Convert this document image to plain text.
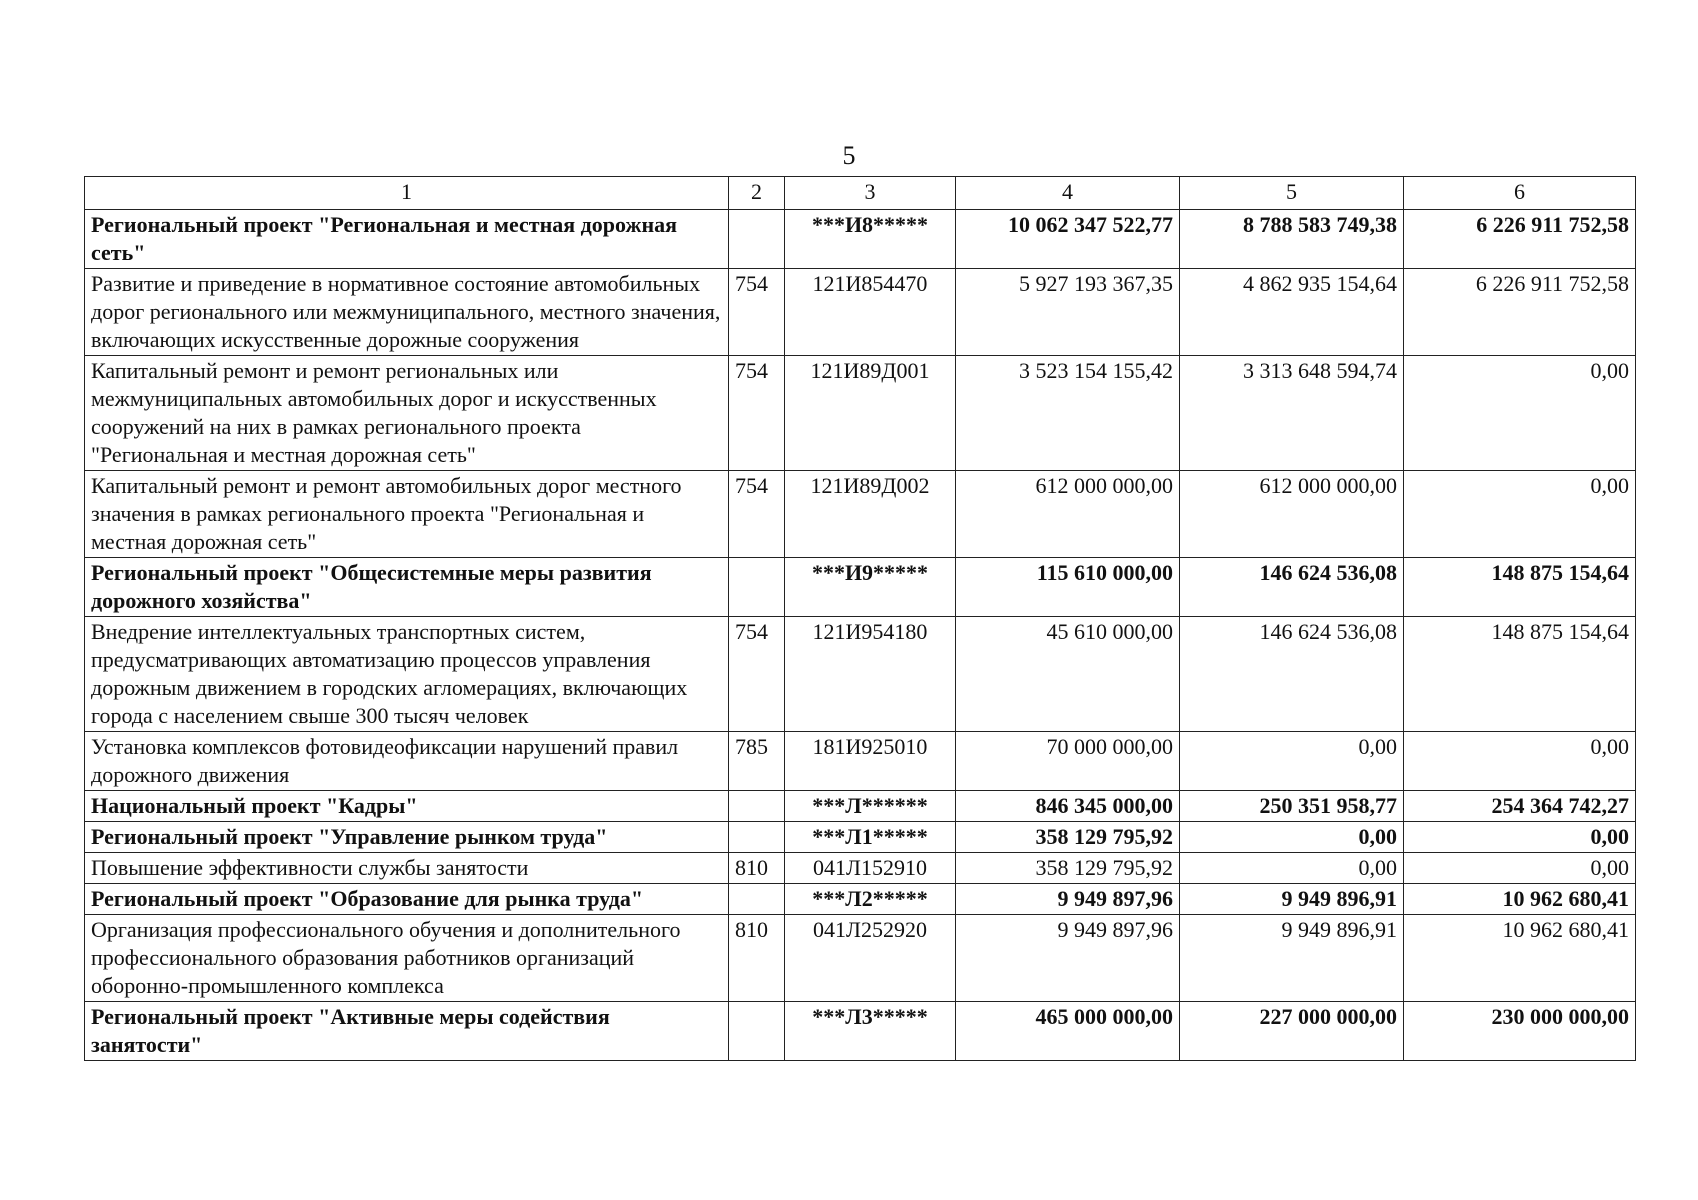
5
1	2	3	4	5	6
Региональный проект "Региональная и местная дорожная сеть"		***И8*****	10 062 347 522,77	8 788 583 749,38	6 226 911 752,58
Развитие и приведение в нормативное состояние автомобильных дорог регионального или межмуниципального, местного значения, включающих искусственные дорожные сооружения	754	121И854470	5 927 193 367,35	4 862 935 154,64	6 226 911 752,58
Капитальный ремонт и ремонт региональных или межмуниципальных автомобильных дорог и искусственных сооружений на них в рамках регионального проекта "Региональная и местная дорожная сеть"	754	121И89Д001	3 523 154 155,42	3 313 648 594,74	0,00
Капитальный ремонт и ремонт автомобильных дорог местного значения в рамках регионального проекта "Региональная и местная дорожная сеть"	754	121И89Д002	612 000 000,00	612 000 000,00	0,00
Региональный проект "Общесистемные меры развития дорожного хозяйства"		***И9*****	115 610 000,00	146 624 536,08	148 875 154,64
Внедрение интеллектуальных транспортных систем, предусматривающих автоматизацию процессов управления дорожным движением в городских агломерациях, включающих города с населением свыше 300 тысяч человек	754	121И954180	45 610 000,00	146 624 536,08	148 875 154,64
Установка комплексов фотовидеофиксации нарушений правил дорожного движения	785	181И925010	70 000 000,00	0,00	0,00
Национальный проект "Кадры"		***Л******	846 345 000,00	250 351 958,77	254 364 742,27
Региональный проект "Управление рынком труда"		***Л1*****	358 129 795,92	0,00	0,00
Повышение эффективности службы занятости	810	041Л152910	358 129 795,92	0,00	0,00
Региональный проект "Образование для рынка труда"		***Л2*****	9 949 897,96	9 949 896,91	10 962 680,41
Организация профессионального обучения и дополнительного профессионального образования работников организаций оборонно-промышленного комплекса	810	041Л252920	9 949 897,96	9 949 896,91	10 962 680,41
Региональный проект "Активные меры содействия занятости"		***Л3*****	465 000 000,00	227 000 000,00	230 000 000,00
